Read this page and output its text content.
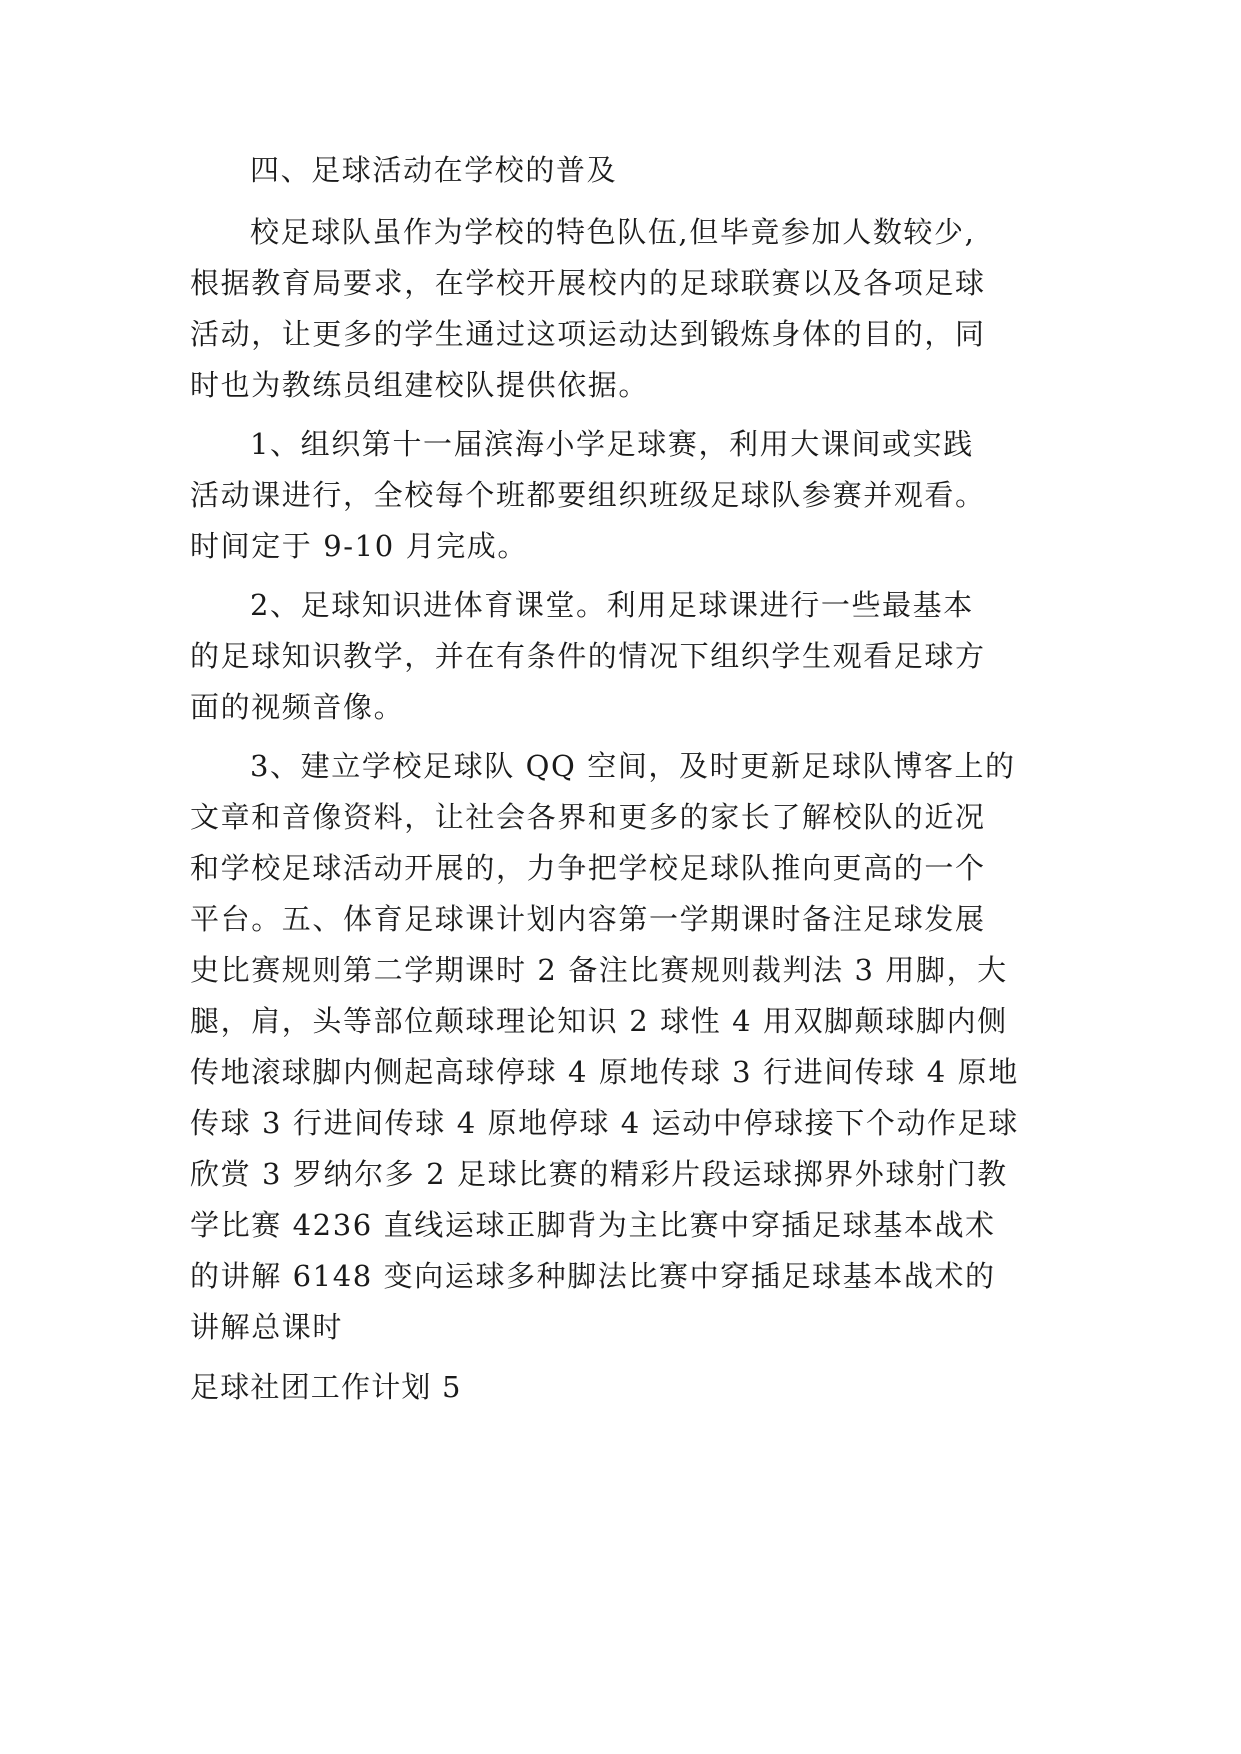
四、足球活动在学校的普及
校足球队虽作为学校的特色队伍,但毕竟参加人数较少,
根据教育局要求，在学校开展校内的足球联赛以及各项足球
活动，让更多的学生通过这项运动达到锻炼身体的目的，同
时也为教练员组建校队提供依据。
1、组织第十一届滨海小学足球赛，利用大课间或实践
活动课进行，全校每个班都要组织班级足球队参赛并观看。
时间定于 9-10 月完成。
2、足球知识进体育课堂。利用足球课进行一些最基本
的足球知识教学，并在有条件的情况下组织学生观看足球方
面的视频音像。
3、建立学校足球队 QQ 空间，及时更新足球队博客上的
文章和音像资料，让社会各界和更多的家长了解校队的近况
和学校足球活动开展的，力争把学校足球队推向更高的一个
平台。五、体育足球课计划内容第一学期课时备注足球发展
史比赛规则第二学期课时 2 备注比赛规则裁判法 3 用脚，大
腿，肩，头等部位颠球理论知识 2 球性 4 用双脚颠球脚内侧
传地滚球脚内侧起高球停球 4 原地传球 3 行进间传球 4 原地
传球 3 行进间传球 4 原地停球 4 运动中停球接下个动作足球
欣赏 3 罗纳尔多 2 足球比赛的精彩片段运球掷界外球射门教
学比赛 4236 直线运球正脚背为主比赛中穿插足球基本战术
的讲解 6148 变向运球多种脚法比赛中穿插足球基本战术的
讲解总课时
足球社团工作计划 5
